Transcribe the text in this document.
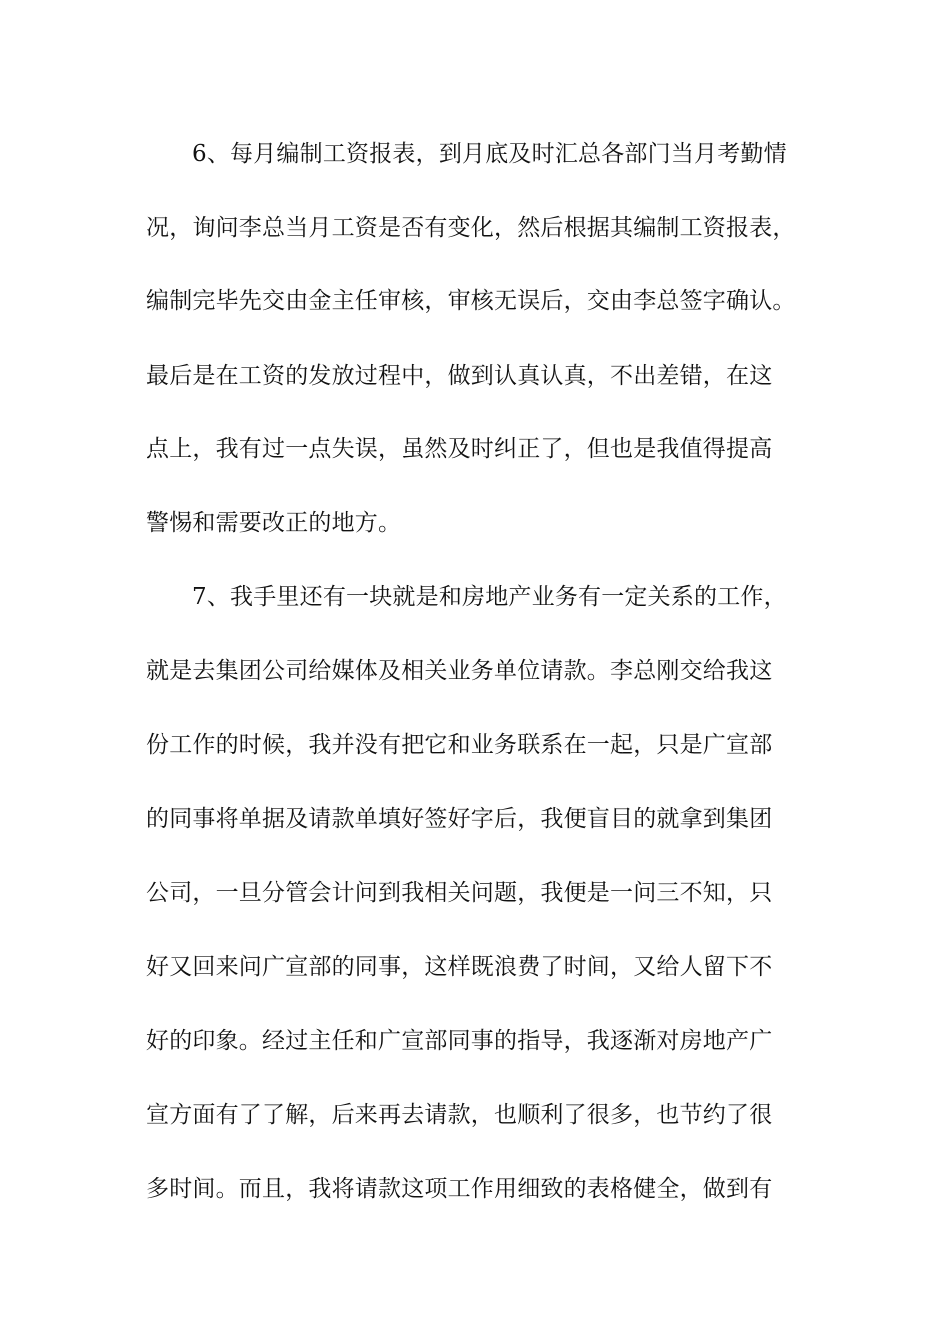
6、每月编制工资报表，到月底及时汇总各部门当月考勤情
况，询问李总当月工资是否有变化，然后根据其编制工资报表，
编制完毕先交由金主任审核，审核无误后，交由李总签字确认。
最后是在工资的发放过程中，做到认真认真，不出差错，在这
点上，我有过一点失误，虽然及时纠正了，但也是我值得提高
警惕和需要改正的地方。
7、我手里还有一块就是和房地产业务有一定关系的工作，
就是去集团公司给媒体及相关业务单位请款。李总刚交给我这
份工作的时候，我并没有把它和业务联系在一起，只是广宣部
的同事将单据及请款单填好签好字后，我便盲目的就拿到集团
公司，一旦分管会计问到我相关问题，我便是一问三不知，只
好又回来问广宣部的同事，这样既浪费了时间，又给人留下不
好的印象。经过主任和广宣部同事的指导，我逐渐对房地产广
宣方面有了了解，后来再去请款，也顺利了很多，也节约了很
多时间。而且，我将请款这项工作用细致的表格健全，做到有
